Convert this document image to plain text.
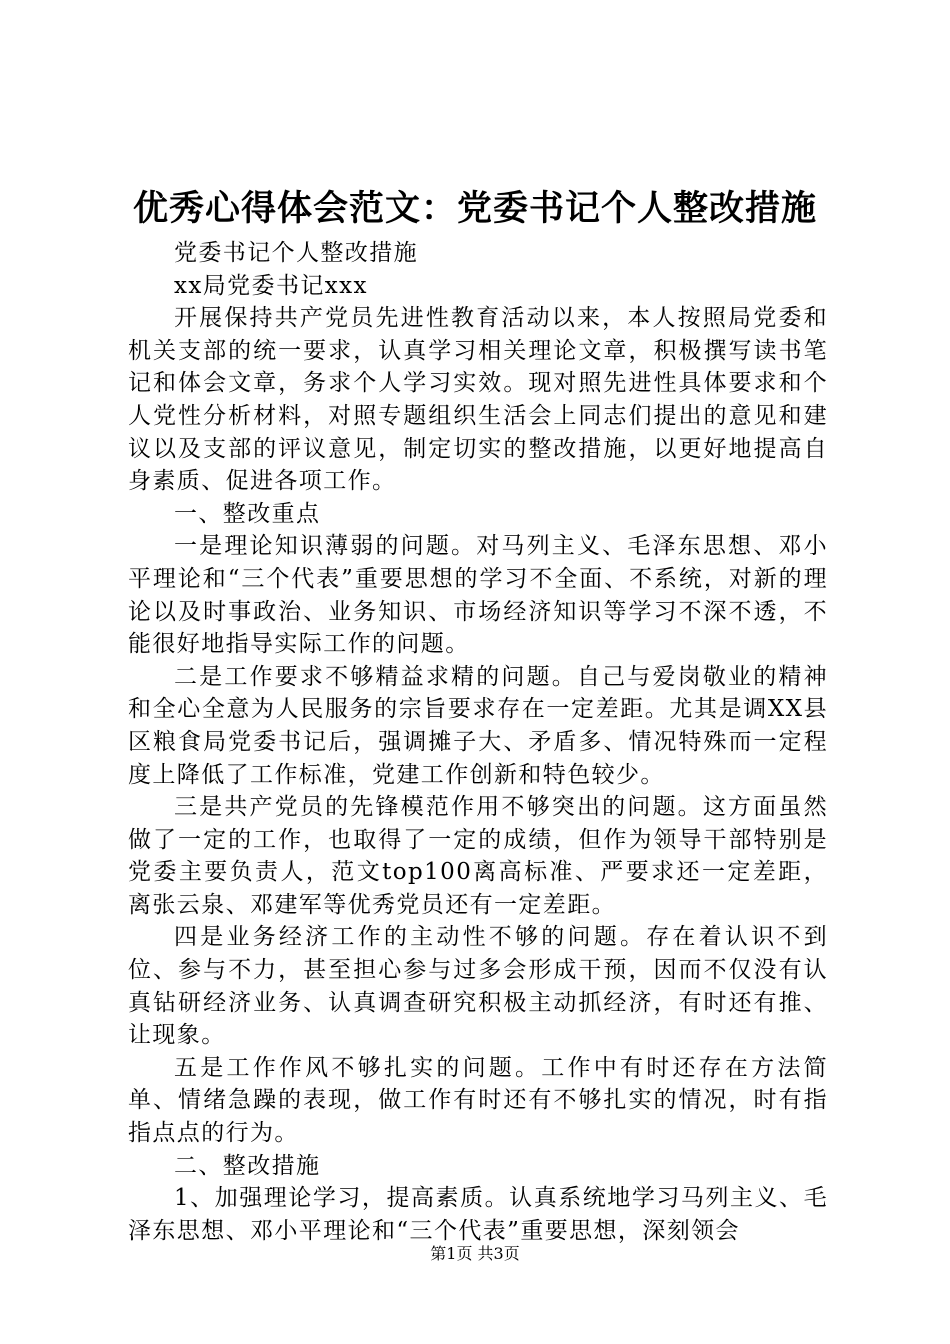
优秀心得体会范文：党委书记个人整改措施

党委书记个人整改措施

xx局党委书记xxx

开展保持共产党员先进性教育活动以来，本人按照局党委和机关支部的统一要求，认真学习相关理论文章，积极撰写读书笔记和体会文章，务求个人学习实效。现对照先进性具体要求和个人党性分析材料，对照专题组织生活会上同志们提出的意见和建议以及支部的评议意见，制定切实的整改措施，以更好地提高自身素质、促进各项工作。

一、整改重点

一是理论知识薄弱的问题。对马列主义、毛泽东思想、邓小平理论和“三个代表”重要思想的学习不全面、不系统，对新的理论以及时事政治、业务知识、市场经济知识等学习不深不透，不能很好地指导实际工作的问题。

二是工作要求不够精益求精的问题。自己与爱岗敬业的精神和全心全意为人民服务的宗旨要求存在一定差距。尤其是调XX县区粮食局党委书记后，强调摊子大、矛盾多、情况特殊而一定程度上降低了工作标准，党建工作创新和特色较少。

三是共产党员的先锋模范作用不够突出的问题。这方面虽然做了一定的工作，也取得了一定的成绩，但作为领导干部特别是党委主要负责人，范文top100离高标准、严要求还一定差距，离张云泉、邓建军等优秀党员还有一定差距。

四是业务经济工作的主动性不够的问题。存在着认识不到位、参与不力，甚至担心参与过多会形成干预，因而不仅没有认真钻研经济业务、认真调查研究积极主动抓经济，有时还有推、让现象。

五是工作作风不够扎实的问题。工作中有时还存在方法简单、情绪急躁的表现，做工作有时还有不够扎实的情况，时有指指点点的行为。

二、整改措施

1、加强理论学习，提高素质。认真系统地学习马列主义、毛泽东思想、邓小平理论和“三个代表”重要思想，深刻领会

第1页 共3页
